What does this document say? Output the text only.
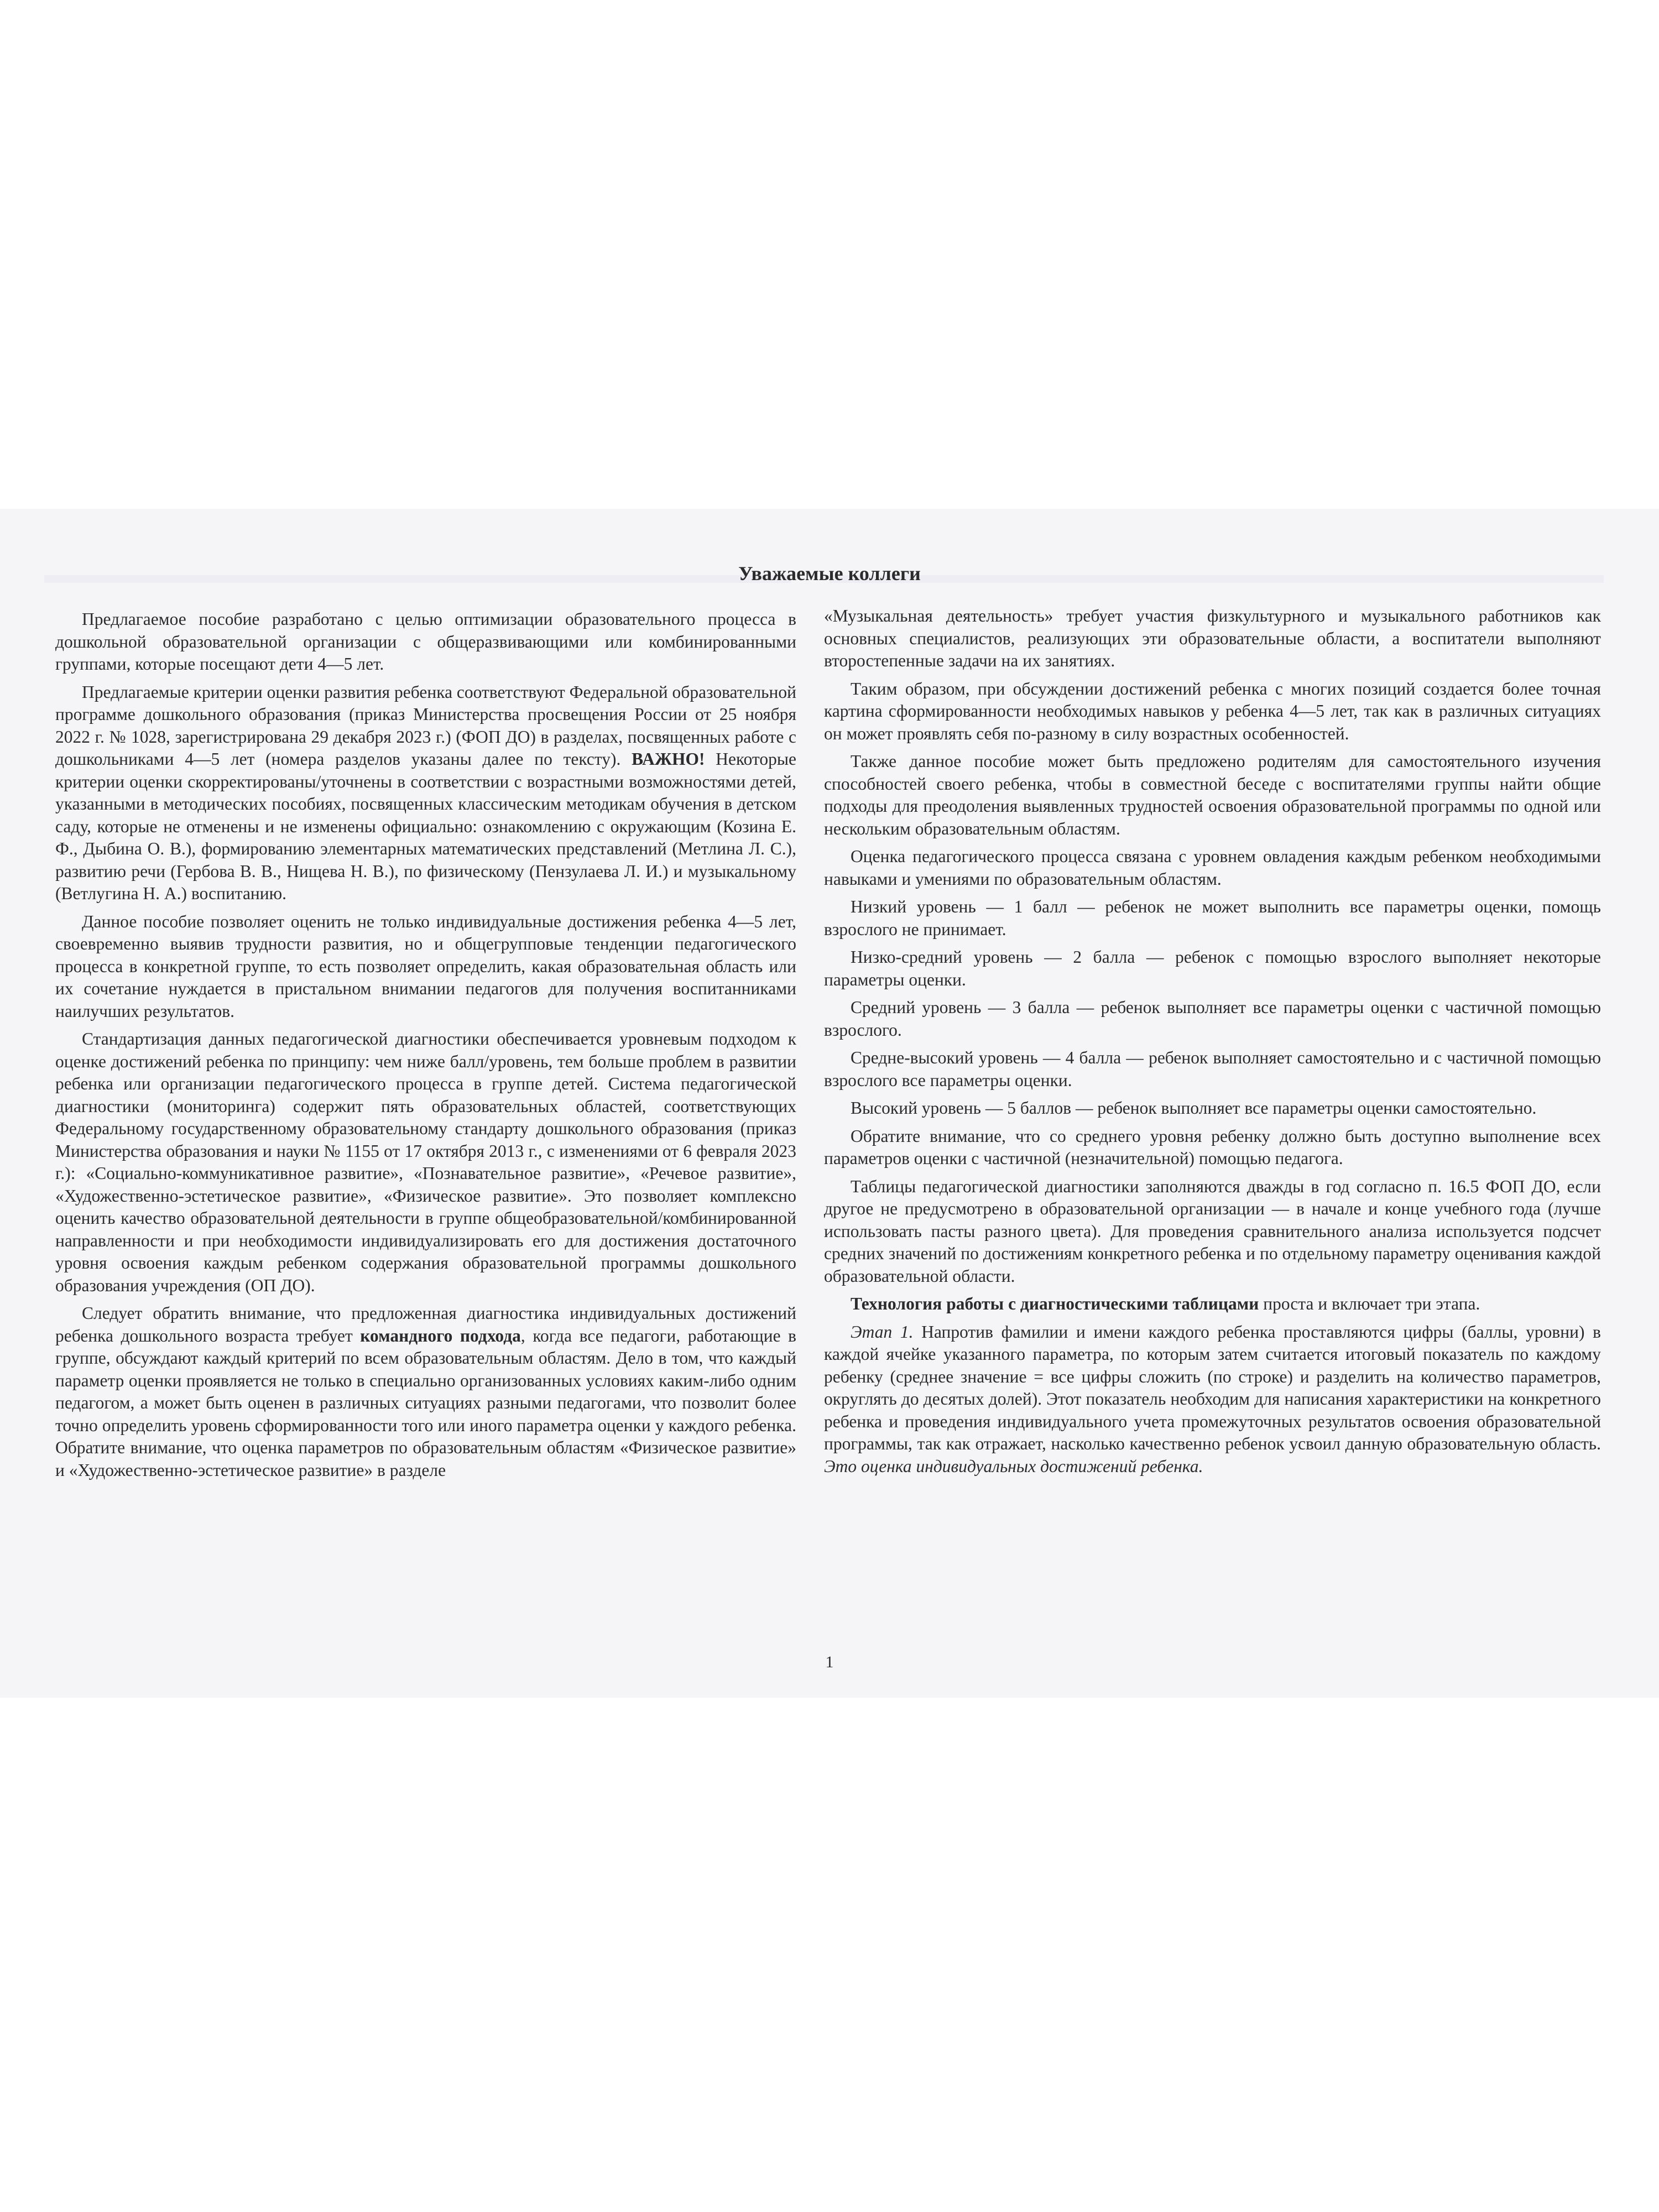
Уважаемые коллеги

Предлагаемое пособие разработано с целью оптимизации образовательного процесса в дошкольной образовательной организации с общеразвивающими или комбинированными группами, которые посещают дети 4—5 лет.

Предлагаемые критерии оценки развития ребенка соответствуют Федеральной образовательной программе дошкольного образования (приказ Министерства просвещения России от 25 ноября 2022 г. № 1028, зарегистрирована 29 декабря 2023 г.) (ФОП ДО) в разделах, посвященных работе с дошкольниками 4—5 лет (номера разделов указаны далее по тексту). ВАЖНО! Некоторые критерии оценки скорректированы/уточнены в соответствии с возрастными возможностями детей, указанными в методических пособиях, посвященных классическим методикам обучения в детском саду, которые не отменены и не изменены официально: ознакомлению с окружающим (Козина Е. Ф., Дыбина О. В.), формированию элементарных математических представлений (Метлина Л. С.), развитию речи (Гербова В. В., Нищева Н. В.), по физическому (Пензулаева Л. И.) и музыкальному (Ветлугина Н. А.) воспитанию.

Данное пособие позволяет оценить не только индивидуальные достижения ребенка 4—5 лет, своевременно выявив трудности развития, но и общегрупповые тенденции педагогического процесса в конкретной группе, то есть позволяет определить, какая образовательная область или их сочетание нуждается в пристальном внимании педагогов для получения воспитанниками наилучших результатов.

Стандартизация данных педагогической диагностики обеспечивается уровневым подходом к оценке достижений ребенка по принципу: чем ниже балл/уровень, тем больше проблем в развитии ребенка или организации педагогического процесса в группе детей. Система педагогической диагностики (мониторинга) содержит пять образовательных областей, соответствующих Федеральному государственному образовательному стандарту дошкольного образования (приказ Министерства образования и науки № 1155 от 17 октября 2013 г., с изменениями от 6 февраля 2023 г.): «Социально-коммуникативное развитие», «Познавательное развитие», «Речевое развитие», «Художественно-эстетическое развитие», «Физическое развитие». Это позволяет комплексно оценить качество образовательной деятельности в группе общеобразовательной/комбинированной направленности и при необходимости индивидуализировать его для достижения достаточного уровня освоения каждым ребенком содержания образовательной программы дошкольного образования учреждения (ОП ДО).

Следует обратить внимание, что предложенная диагностика индивидуальных достижений ребенка дошкольного возраста требует командного подхода, когда все педагоги, работающие в группе, обсуждают каждый критерий по всем образовательным областям. Дело в том, что каждый параметр оценки проявляется не только в специально организованных условиях каким-либо одним педагогом, а может быть оценен в различных ситуациях разными педагогами, что позволит более точно определить уровень сформированности того или иного параметра оценки у каждого ребенка. Обратите внимание, что оценка параметров по образовательным областям «Физическое развитие» и «Художественно-эстетическое развитие» в разделе

«Музыкальная деятельность» требует участия физкультурного и музыкального работников как основных специалистов, реализующих эти образовательные области, а воспитатели выполняют второстепенные задачи на их занятиях.

Таким образом, при обсуждении достижений ребенка с многих позиций создается более точная картина сформированности необходимых навыков у ребенка 4—5 лет, так как в различных ситуациях он может проявлять себя по-разному в силу возрастных особенностей.

Также данное пособие может быть предложено родителям для самостоятельного изучения способностей своего ребенка, чтобы в совместной беседе с воспитателями группы найти общие подходы для преодоления выявленных трудностей освоения образовательной программы по одной или нескольким образовательным областям.

Оценка педагогического процесса связана с уровнем овладения каждым ребенком необходимыми навыками и умениями по образовательным областям.

Низкий уровень — 1 балл — ребенок не может выполнить все параметры оценки, помощь взрослого не принимает.

Низко-средний уровень — 2 балла — ребенок с помощью взрослого выполняет некоторые параметры оценки.

Средний уровень — 3 балла — ребенок выполняет все параметры оценки с частичной помощью взрослого.

Средне-высокий уровень — 4 балла — ребенок выполняет самостоятельно и с частичной помощью взрослого все параметры оценки.

Высокий уровень — 5 баллов — ребенок выполняет все параметры оценки самостоятельно.

Обратите внимание, что со среднего уровня ребенку должно быть доступно выполнение всех параметров оценки с частичной (незначительной) помощью педагога.

Таблицы педагогической диагностики заполняются дважды в год согласно п. 16.5 ФОП ДО, если другое не предусмотрено в образовательной организации — в начале и конце учебного года (лучше использовать пасты разного цвета). Для проведения сравнительного анализа используется подсчет средних значений по достижениям конкретного ребенка и по отдельному параметру оценивания каждой образовательной области.

Технология работы с диагностическими таблицами проста и включает три этапа.

Этап 1. Напротив фамилии и имени каждого ребенка проставляются цифры (баллы, уровни) в каждой ячейке указанного параметра, по которым затем считается итоговый показатель по каждому ребенку (среднее значение = все цифры сложить (по строке) и разделить на количество параметров, округлять до десятых долей). Этот показатель необходим для написания характеристики на конкретного ребенка и проведения индивидуального учета промежуточных результатов освоения образовательной программы, так как отражает, насколько качественно ребенок усвоил данную образовательную область. Это оценка индивидуальных достижений ребенка.

1
